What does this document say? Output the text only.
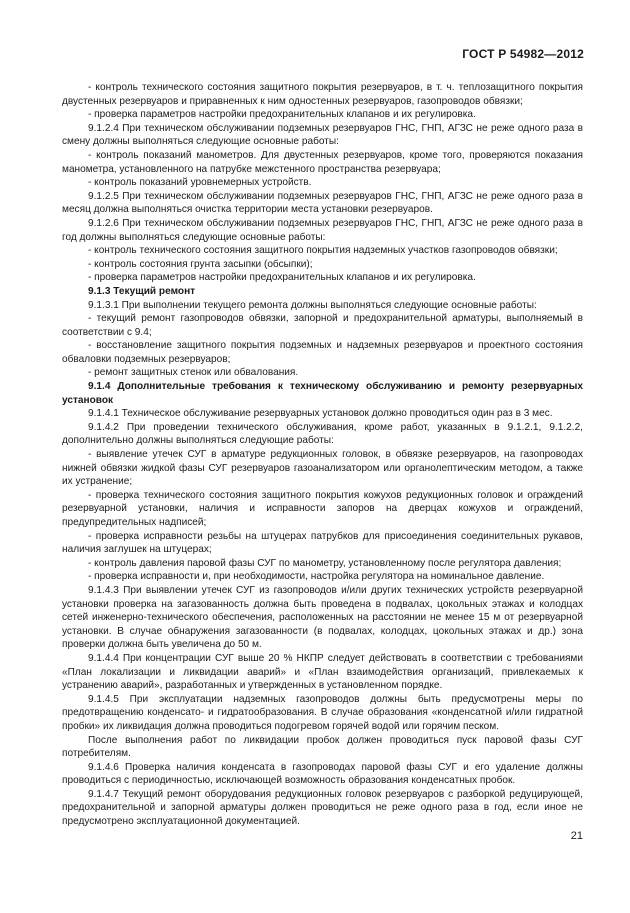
ГОСТ Р 54982—2012

- контроль технического состояния защитного покрытия резервуаров, в т. ч. теплозащитного покрытия двустенных резервуаров и приравненных к ним одностенных резервуаров, газопроводов обвязки;

- проверка параметров настройки предохранительных клапанов и их регулировка.

9.1.2.4 При техническом обслуживании подземных резервуаров ГНС, ГНП, АГЗС не реже одного раза в смену должны выполняться следующие основные работы:

- контроль показаний манометров. Для двустенных резервуаров, кроме того, проверяются показания манометра, установленного на патрубке межстенного пространства резервуара;

- контроль показаний уровнемерных устройств.

9.1.2.5 При техническом обслуживании подземных резервуаров ГНС, ГНП, АГЗС не реже одного раза в месяц должна выполняться очистка территории места установки резервуаров.

9.1.2.6 При техническом обслуживании подземных резервуаров ГНС, ГНП, АГЗС не реже одного раза в год должны выполняться следующие основные работы:

- контроль технического состояния защитного покрытия надземных участков газопроводов обвязки;

- контроль состояния грунта засыпки (обсыпки);

- проверка параметров настройки предохранительных клапанов и их регулировка.

9.1.3 Текущий ремонт

9.1.3.1 При выполнении текущего ремонта должны выполняться следующие основные работы:

- текущий ремонт газопроводов обвязки, запорной и предохранительной арматуры, выполняемый в соответствии с 9.4;

- восстановление защитного покрытия подземных и надземных резервуаров и проектного состояния обваловки подземных резервуаров;

- ремонт защитных стенок или обвалования.

9.1.4 Дополнительные требования к техническому обслуживанию и ремонту резервуарных установок

9.1.4.1 Техническое обслуживание резервуарных установок должно проводиться один раз в 3 мес.

9.1.4.2 При проведении технического обслуживания, кроме работ, указанных в 9.1.2.1, 9.1.2.2, дополнительно должны выполняться следующие работы:

- выявление утечек СУГ в арматуре редукционных головок, в обвязке резервуаров, на газопроводах нижней обвязки жидкой фазы СУГ резервуаров газоанализатором или органолептическим методом, а также их устранение;

- проверка технического состояния защитного покрытия кожухов редукционных головок и ограждений резервуарной установки, наличия и исправности запоров на дверцах кожухов и ограждений, предупредительных надписей;

- проверка исправности резьбы на штуцерах патрубков для присоединения соединительных рукавов, наличия заглушек на штуцерах;

- контроль давления паровой фазы СУГ по манометру, установленному после регулятора давления;

- проверка исправности и, при необходимости, настройка регулятора на номинальное давление.

9.1.4.3 При выявлении утечек СУГ из газопроводов и/или других технических устройств резервуарной установки проверка на загазованность должна быть проведена в подвалах, цокольных этажах и колодцах сетей инженерно-технического обеспечения, расположенных на расстоянии не менее 15 м от резервуарной установки. В случае обнаружения загазованности (в подвалах, колодцах, цокольных этажах и др.) зона проверки должна быть увеличена до 50 м.

9.1.4.4 При концентрации СУГ выше 20 % НКПР следует действовать в соответствии с требованиями «План локализации и ликвидации аварий» и «План взаимодействия организаций, привлекаемых к устранению аварий», разработанных и утвержденных в установленном порядке.

9.1.4.5 При эксплуатации надземных газопроводов должны быть предусмотрены меры по предотвращению конденсато- и гидратообразования. В случае образования «конденсатной и/или гидратной пробки» их ликвидация должна проводиться подогревом горячей водой или горячим песком.

После выполнения работ по ликвидации пробок должен проводиться пуск паровой фазы СУГ потребителям.

9.1.4.6 Проверка наличия конденсата в газопроводах паровой фазы СУГ и его удаление должны проводиться с периодичностью, исключающей возможность образования конденсатных пробок.

9.1.4.7 Текущий ремонт оборудования редукционных головок резервуаров с разборкой редуцирующей, предохранительной и запорной арматуры должен проводиться не реже одного раза в год, если иное не предусмотрено эксплуатационной документацией.

21
